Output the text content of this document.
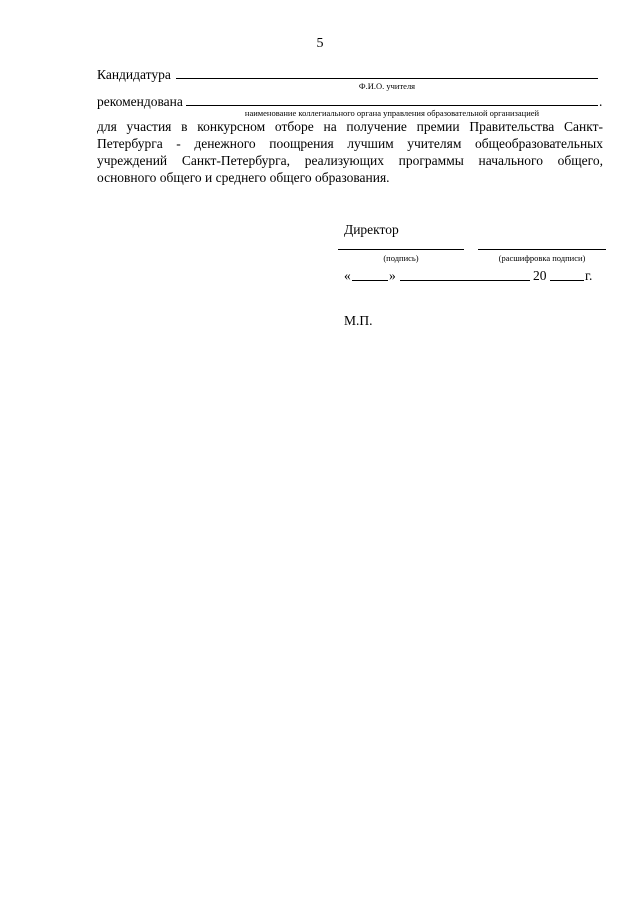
5
Кандидатура
Ф.И.О. учителя
рекомендована	.
наименование коллегиального органа управления образовательной организацией
для участия в конкурсном отборе на получение премии Правительства Санкт-Петербурга - денежного поощрения лучшим учителям общеобразовательных учреждений Санкт-Петербурга, реализующих программы начального общего, основного общего и среднего общего образования.
Директор
(подпись)	(расшифровка подписи)
«	»	20	г.
М.П.
